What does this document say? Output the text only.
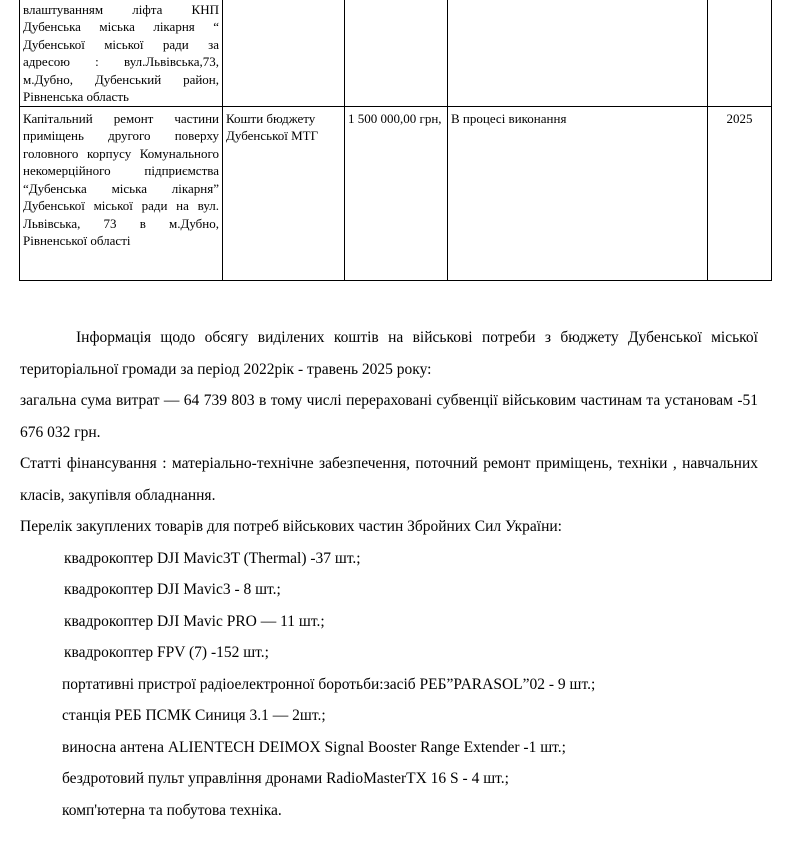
влаштуванням ліфта КНП Дубенська міська лікарня “ Дубенської міської ради за адресою : вул.Львівська,73, м.Дубно, Дубенський район, Рівненська область				
Капітальний ремонт частини приміщень другого поверху головного корпусу Комунального некомерційного підприємства “Дубенська міська лікарня” Дубенської міської ради на вул. Львівська, 73 в м.Дубно, Рівненської області	Кошти бюджету Дубенської МТГ	1 500 000,00 грн,	В процесі виконання	2025

Інформація щодо обсягу виділених коштів на військові потреби з бюджету Дубенської міської територіальної громади за період 2022рік - травень 2025 року:

загальна сума витрат — 64 739 803 в тому числі перераховані субвенції військовим частинам та установам -51 676 032 грн.

Статті фінансування : матеріально-технічне забезпечення, поточний ремонт приміщень, техніки , навчальних класів, закупівля обладнання.

Перелік закуплених товарів для потреб військових частин Збройних Сил України:

квадрокоптер DJI Mavic3T (Thermal) -37 шт.;
квадрокоптер DJI Mavic3 - 8 шт.;
квадрокоптер DJI Mavic PRO — 11 шт.;
квадрокоптер FPV (7) -152 шт.;
портативні пристрої радіоелектронної боротьби:засіб РЕБ”PARASOL”02 - 9 шт.;
станція РЕБ ПСМК Синиця 3.1 — 2шт.;
виносна антена ALIENTECH DEIMOX Signal Booster Range Extender -1 шт.;
бездротовий пульт управління дронами RadioMasterTX 16 S - 4 шт.;
комп'ютерна та побутова техніка.
